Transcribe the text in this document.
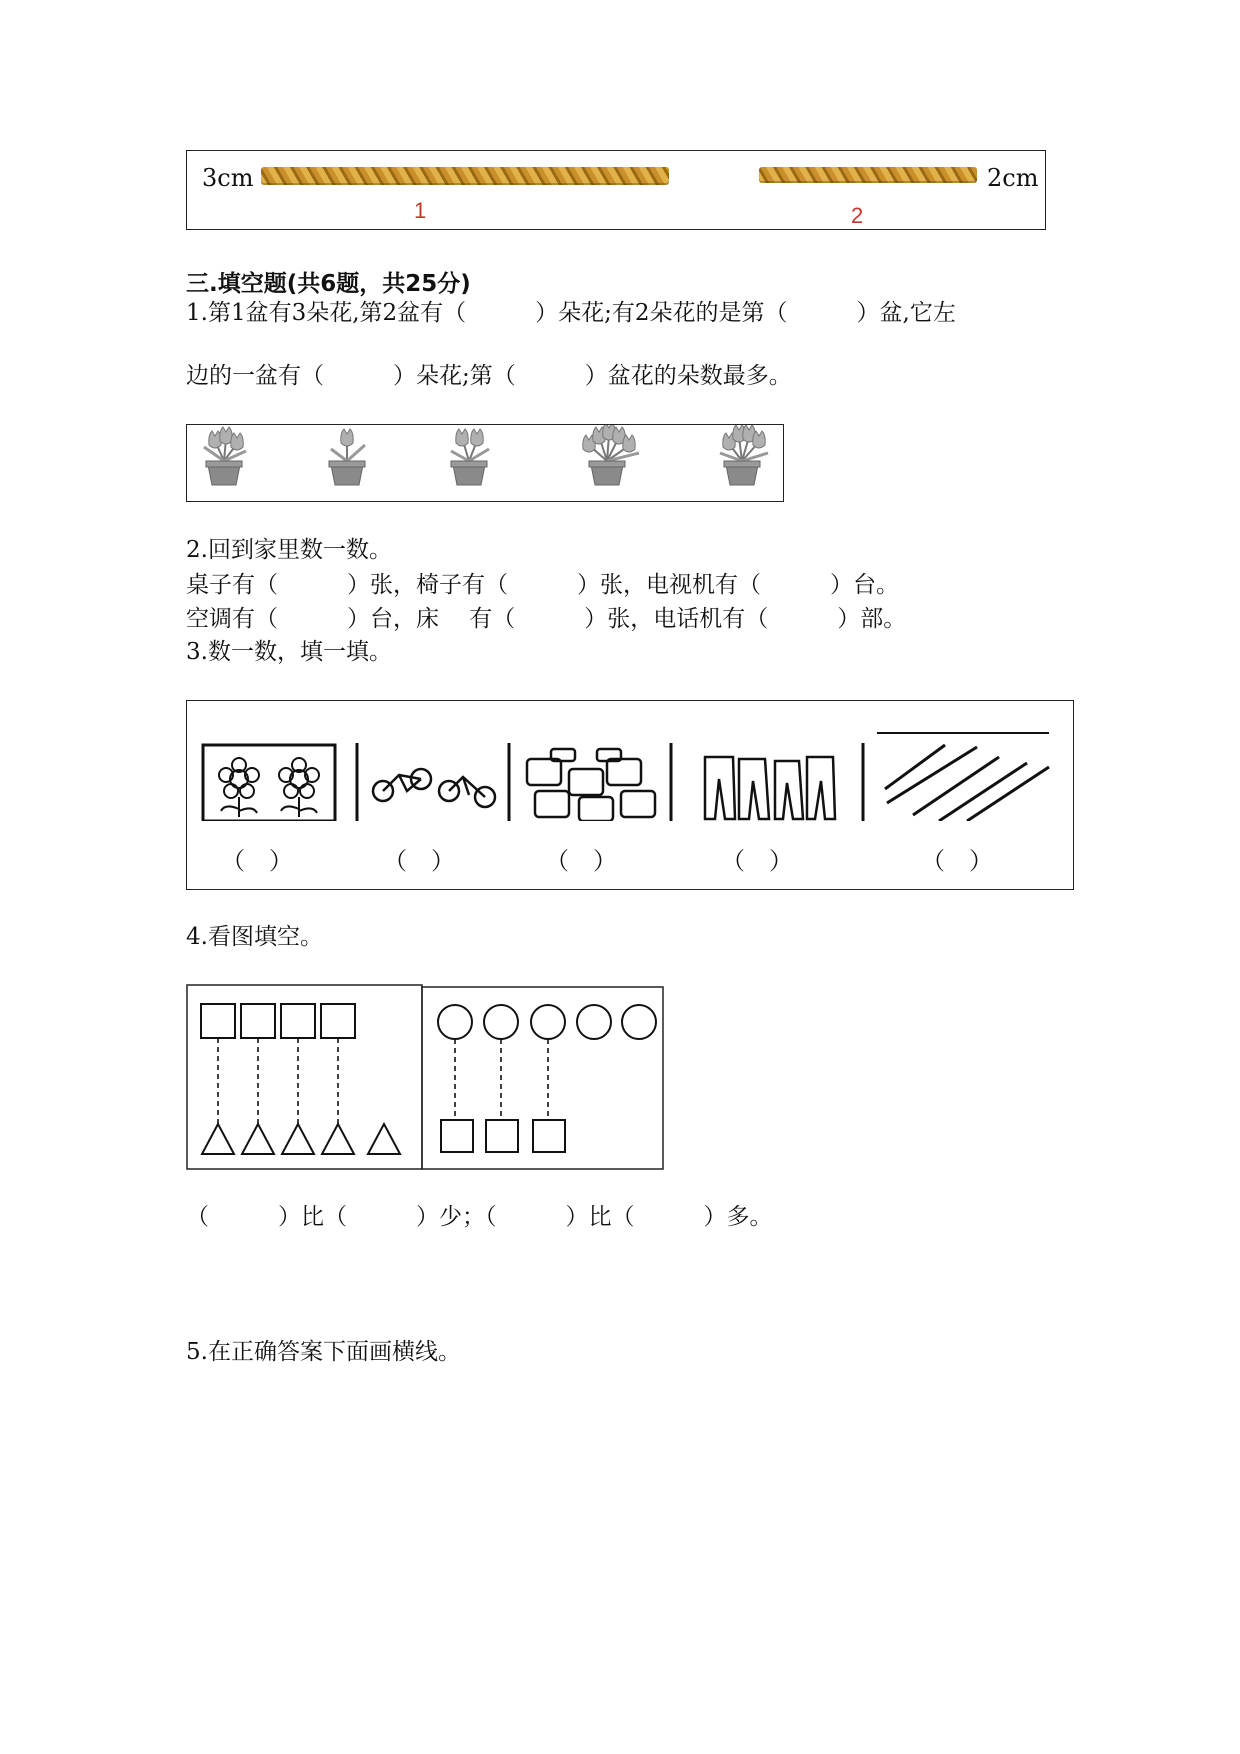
3cm
1
2cm
2
三.填空题(共6题，共25分)
1.第1盆有3朵花,第2盆有（　　　）朵花;有2朵花的是第（　　　）盆,它左
边的一盆有（　　　）朵花;第（　　　）盆花的朵数最多。
2.回到家里数一数。
桌子有（　　　）张，椅子有（　　　）张，电视机有（　　　）台。
空调有（　　　）台，床　 有（　　　）张，电话机有（　　　）部。
3.数一数，填一填。
（　）	（　）	（　）	（　）	（　）
4.看图填空。
（　　　）比（　　　）少；（　　　）比（　　　）多。
5.在正确答案下面画横线。
